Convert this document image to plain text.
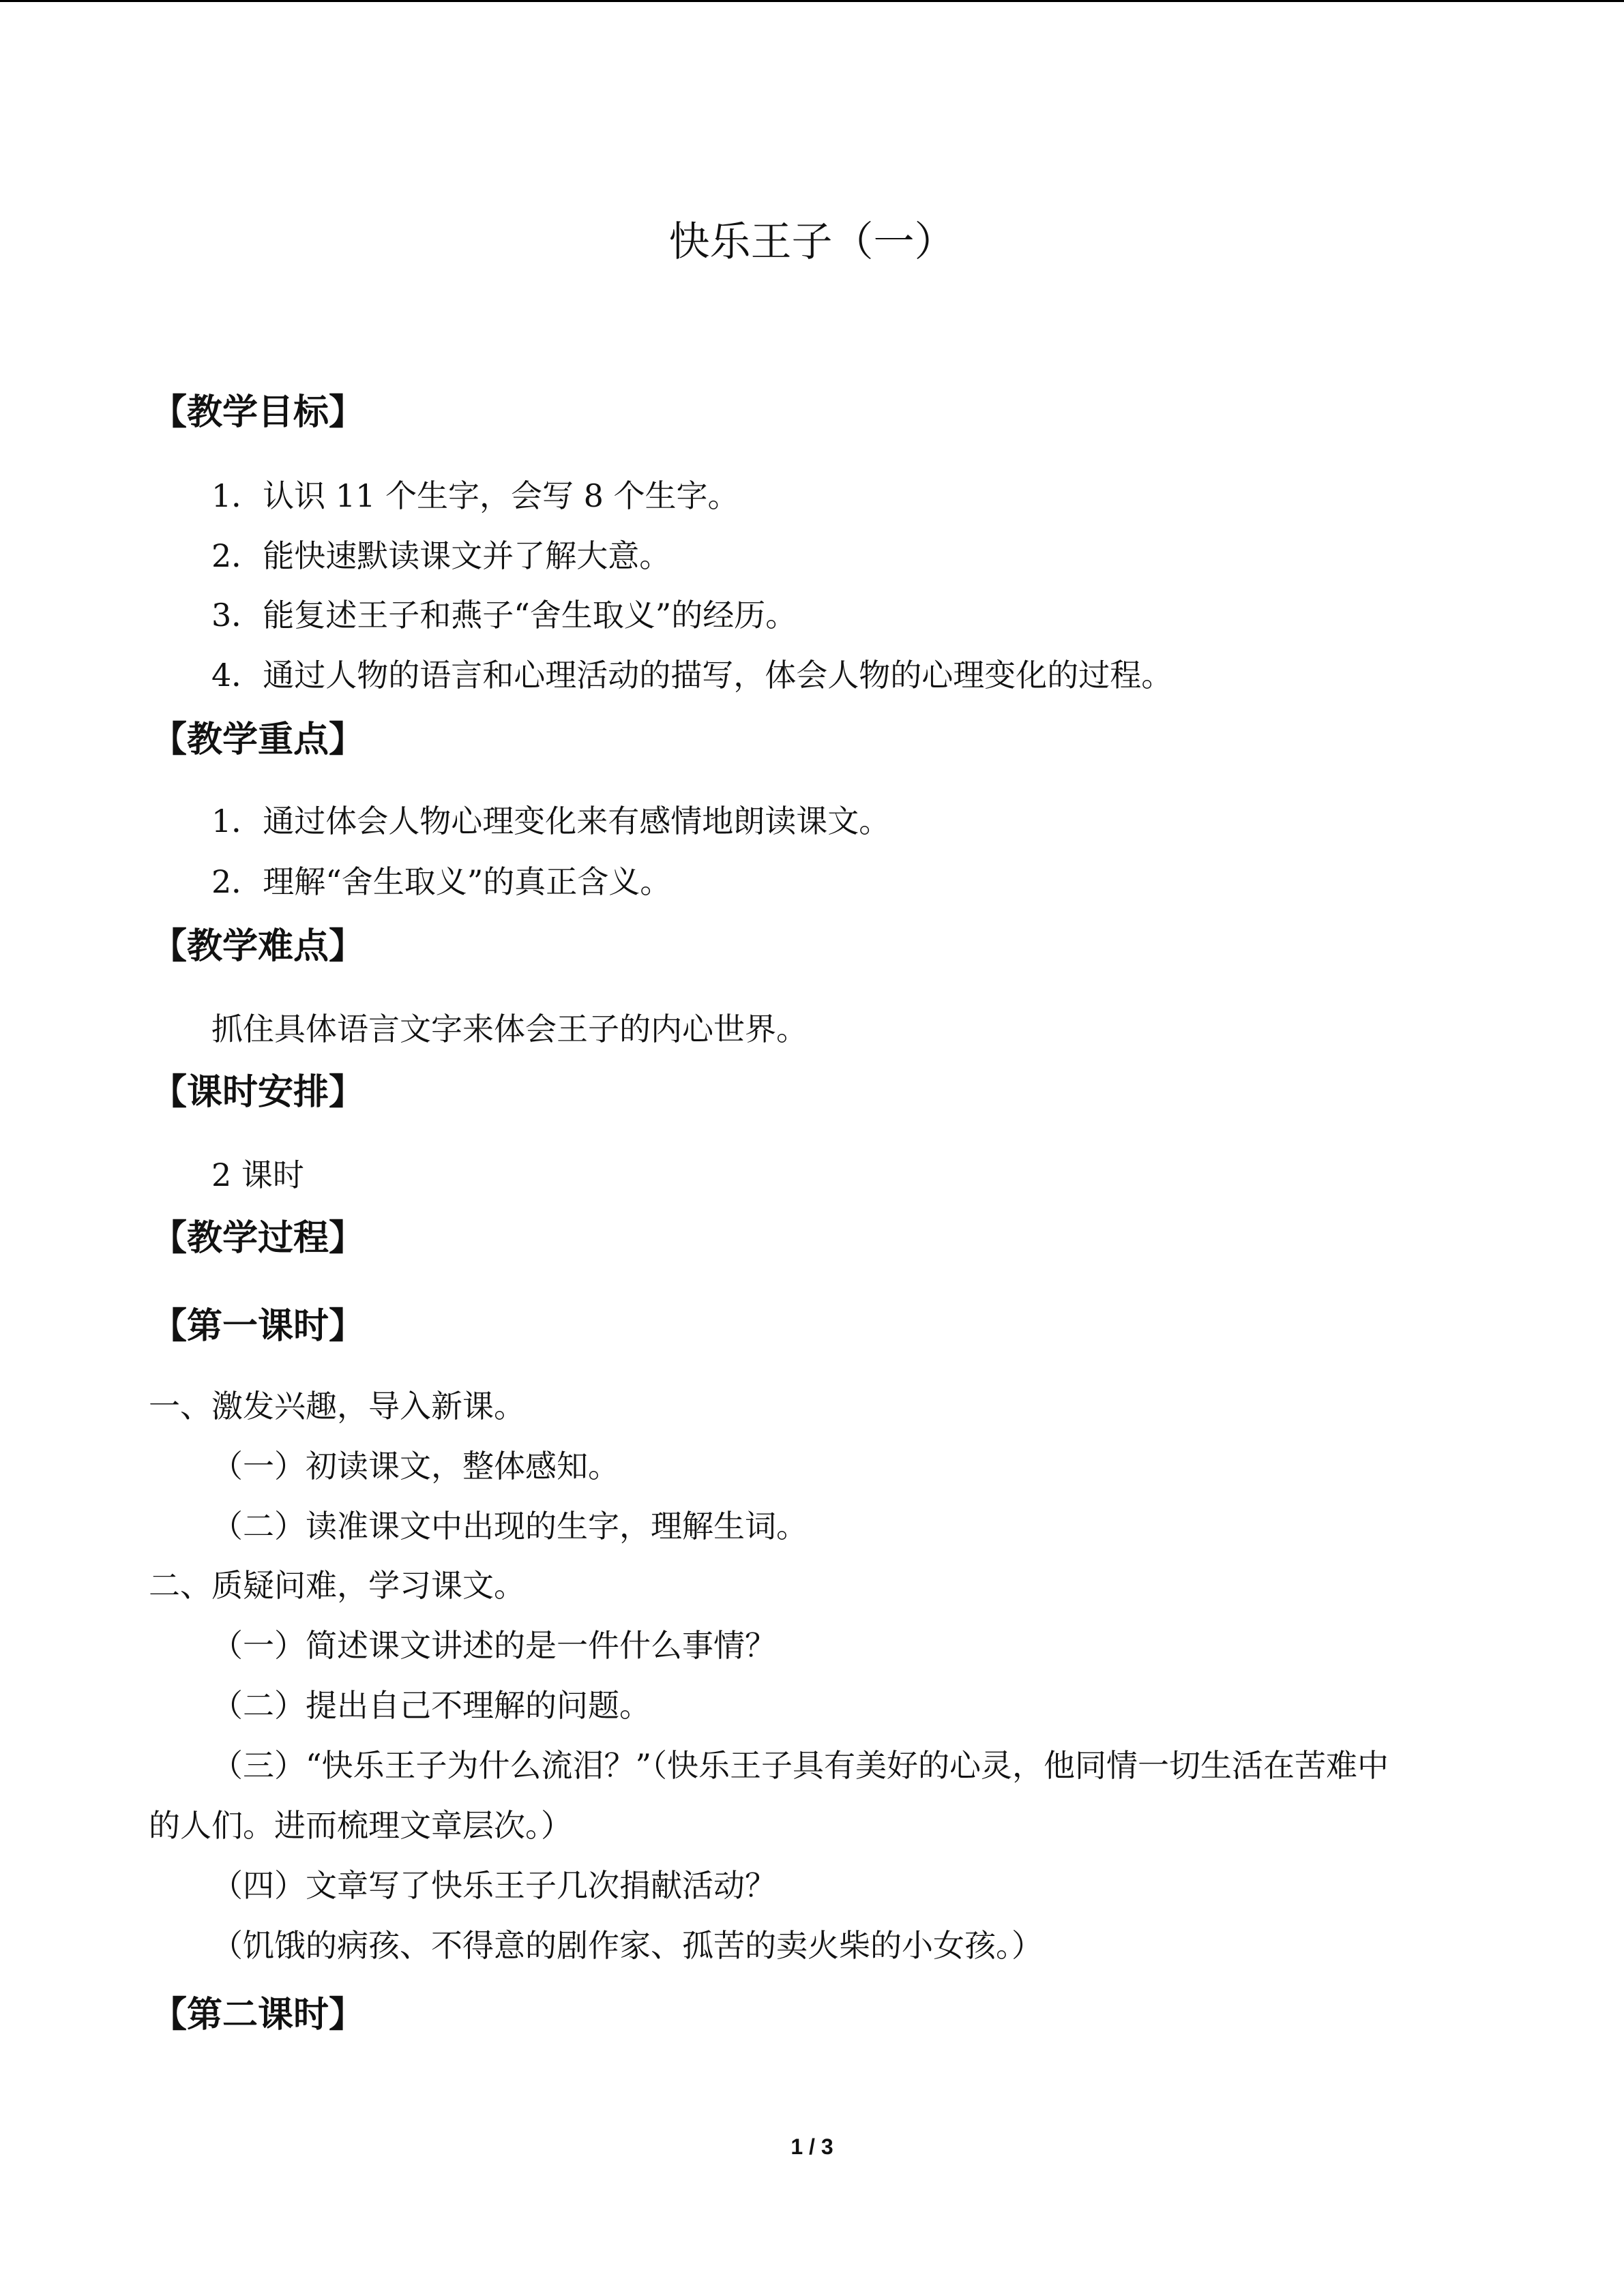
快乐王子（一）
【教学目标】
1．认识 11 个生字，会写 8 个生字。
2．能快速默读课文并了解大意。
3．能复述王子和燕子“舍生取义”的经历。
4．通过人物的语言和心理活动的描写，体会人物的心理变化的过程。
【教学重点】
1．通过体会人物心理变化来有感情地朗读课文。
2．理解“舍生取义”的真正含义。
【教学难点】
抓住具体语言文字来体会王子的内心世界。
【课时安排】
2 课时
【教学过程】
【第一课时】
一、激发兴趣，导入新课。
（一）初读课文，整体感知。
（二）读准课文中出现的生字，理解生词。
二、质疑问难，学习课文。
（一）简述课文讲述的是一件什么事情？
（二）提出自己不理解的问题。
（三）“快乐王子为什么流泪？”（快乐王子具有美好的心灵，他同情一切生活在苦难中
的人们。进而梳理文章层次。）
（四）文章写了快乐王子几次捐献活动？
（饥饿的病孩、不得意的剧作家、孤苦的卖火柴的小女孩。）
【第二课时】
1 / 3
